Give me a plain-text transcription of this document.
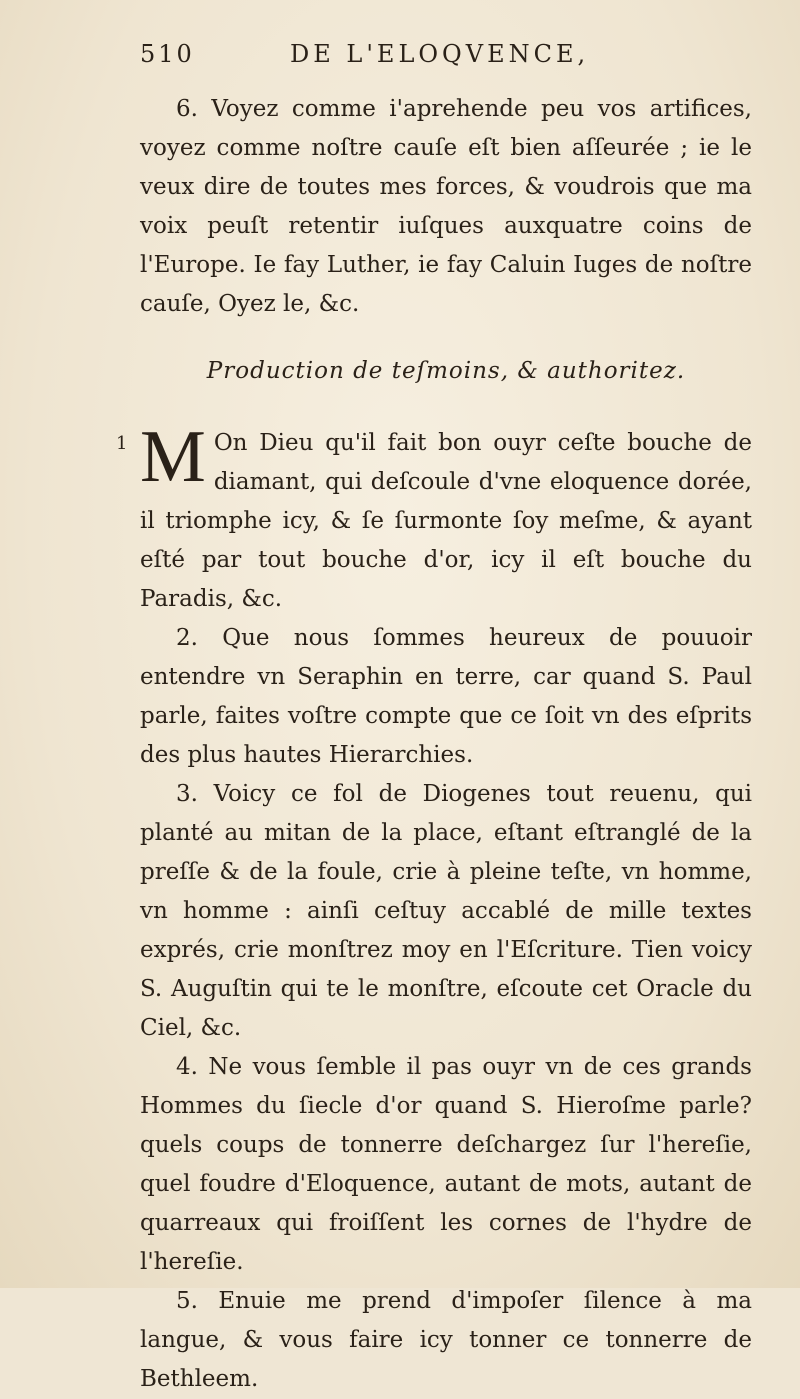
510	DE L'ELOQVENCE,

6. Voyez comme i'aprehende peu vos artifices, voyez comme noſtre cauſe eſt bien aſſeurée ; ie le veux dire de toutes mes forces, & voudrois que ma voix peuſt retentir iuſques auxquatre coins de l'Europe. Ie fay Luther, ie fay Caluin Iuges de noſtre cauſe, Oyez le, &c.

Production de teſmoins, & authoritez.
1 M On Dieu qu'il fait bon ouyr ceſte bouche de diamant, qui deſcoule d'vne eloquence dorée, il triomphe icy, & ſe ſurmonte ſoy meſme, & ayant eſté par tout bouche d'or, icy il eſt bouche du Paradis, &c.

2. Que nous ſommes heureux de pouuoir entendre vn Seraphin en terre, car quand S. Paul parle, faites voſtre compte que ce ſoit vn des eſprits des plus hautes Hierarchies.

3. Voicy ce fol de Diogenes tout reuenu, qui planté au mitan de la place, eſtant eſtranglé de la preſſe & de la foule, crie à pleine teſte, vn homme, vn homme : ainſi ceſtuy accablé de mille textes exprés, crie monſtrez moy en l'Eſcriture. Tien voicy S. Auguſtin qui te le monſtre, eſcoute cet Oracle du Ciel, &c.

4. Ne vous ſemble il pas ouyr vn de ces grands Hommes du ſiecle d'or quand S. Hieroſme parle? quels coups de tonnerre deſchargez ſur l'hereſie, quel foudre d'Eloquence, autant de mots, autant de quarreaux qui froiſſent les cornes de l'hydre de l'hereſie.

5. Enuie me prend d'impoſer ſilence à ma langue, & vous faire icy tonner ce tonnerre de Bethleem.
